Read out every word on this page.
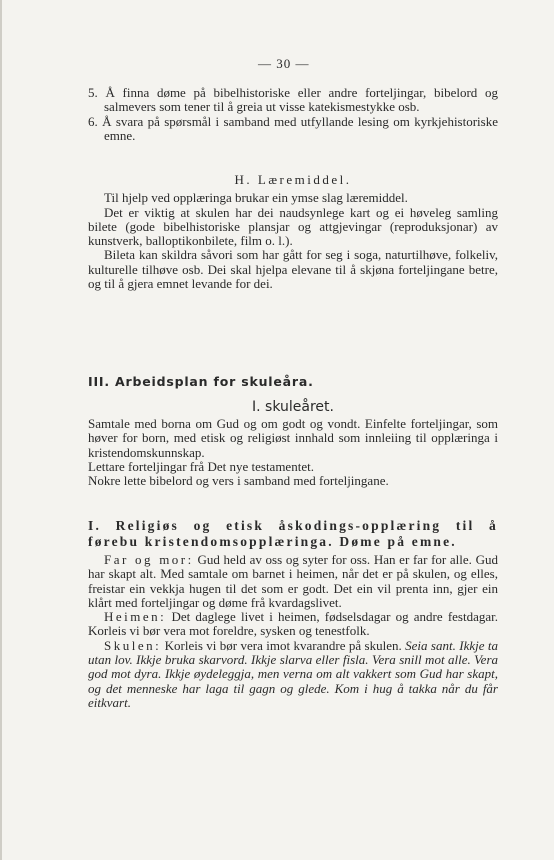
— 30 —

5. Å finna døme på bibelhistoriske eller andre forteljingar, bibelord og salmevers som tener til å greia ut visse katekismestykke osb.

6. Å svara på spørsmål i samband med utfyllande lesing om kyrkjehistoriske emne.

H. Læremiddel.

Til hjelp ved opplæringa brukar ein ymse slag læremiddel.

Det er viktig at skulen har dei naudsynlege kart og ei høveleg samling bilete (gode bibelhistoriske plansjar og attgjevingar (reproduksjonar) av kunstverk, balloptikonbilete, film o. l.).

Bileta kan skildra såvori som har gått for seg i soga, naturtilhøve, folkeliv, kulturelle tilhøve osb. Dei skal hjelpa elevane til å skjøna forteljingane betre, og til å gjera emnet levande for dei.

III. Arbeidsplan for skuleåra.

I. skuleåret.

Samtale med borna om Gud og om godt og vondt. Einfelte forteljingar, som høver for born, med etisk og religiøst innhald som innleiing til opplæringa i kristendomskunnskap.

Lettare forteljingar frå Det nye testamentet.

Nokre lette bibelord og vers i samband med forteljingane.

I. Religiøs og etisk åskodings-opplæring til å førebu kristendomsopplæringa. Døme på emne.

Far og mor: Gud held av oss og syter for oss. Han er far for alle. Gud har skapt alt. Med samtale om barnet i heimen, når det er på skulen, og elles, freistar ein vekkja hugen til det som er godt. Det ein vil prenta inn, gjer ein klårt med forteljingar og døme frå kvardagslivet.

Heimen: Det daglege livet i heimen, fødselsdagar og andre festdagar. Korleis vi bør vera mot foreldre, sysken og tenestfolk.

Skulen: Korleis vi bør vera imot kvarandre på skulen. Seia sant. Ikkje ta utan lov. Ikkje bruka skarvord. Ikkje slarva eller fisla. Vera snill mot alle. Vera god mot dyra. Ikkje øydeleggja, men verna om alt vakkert som Gud har skapt, og det menneske har laga til gagn og glede. Kom i hug å takka når du får eitkvart.
